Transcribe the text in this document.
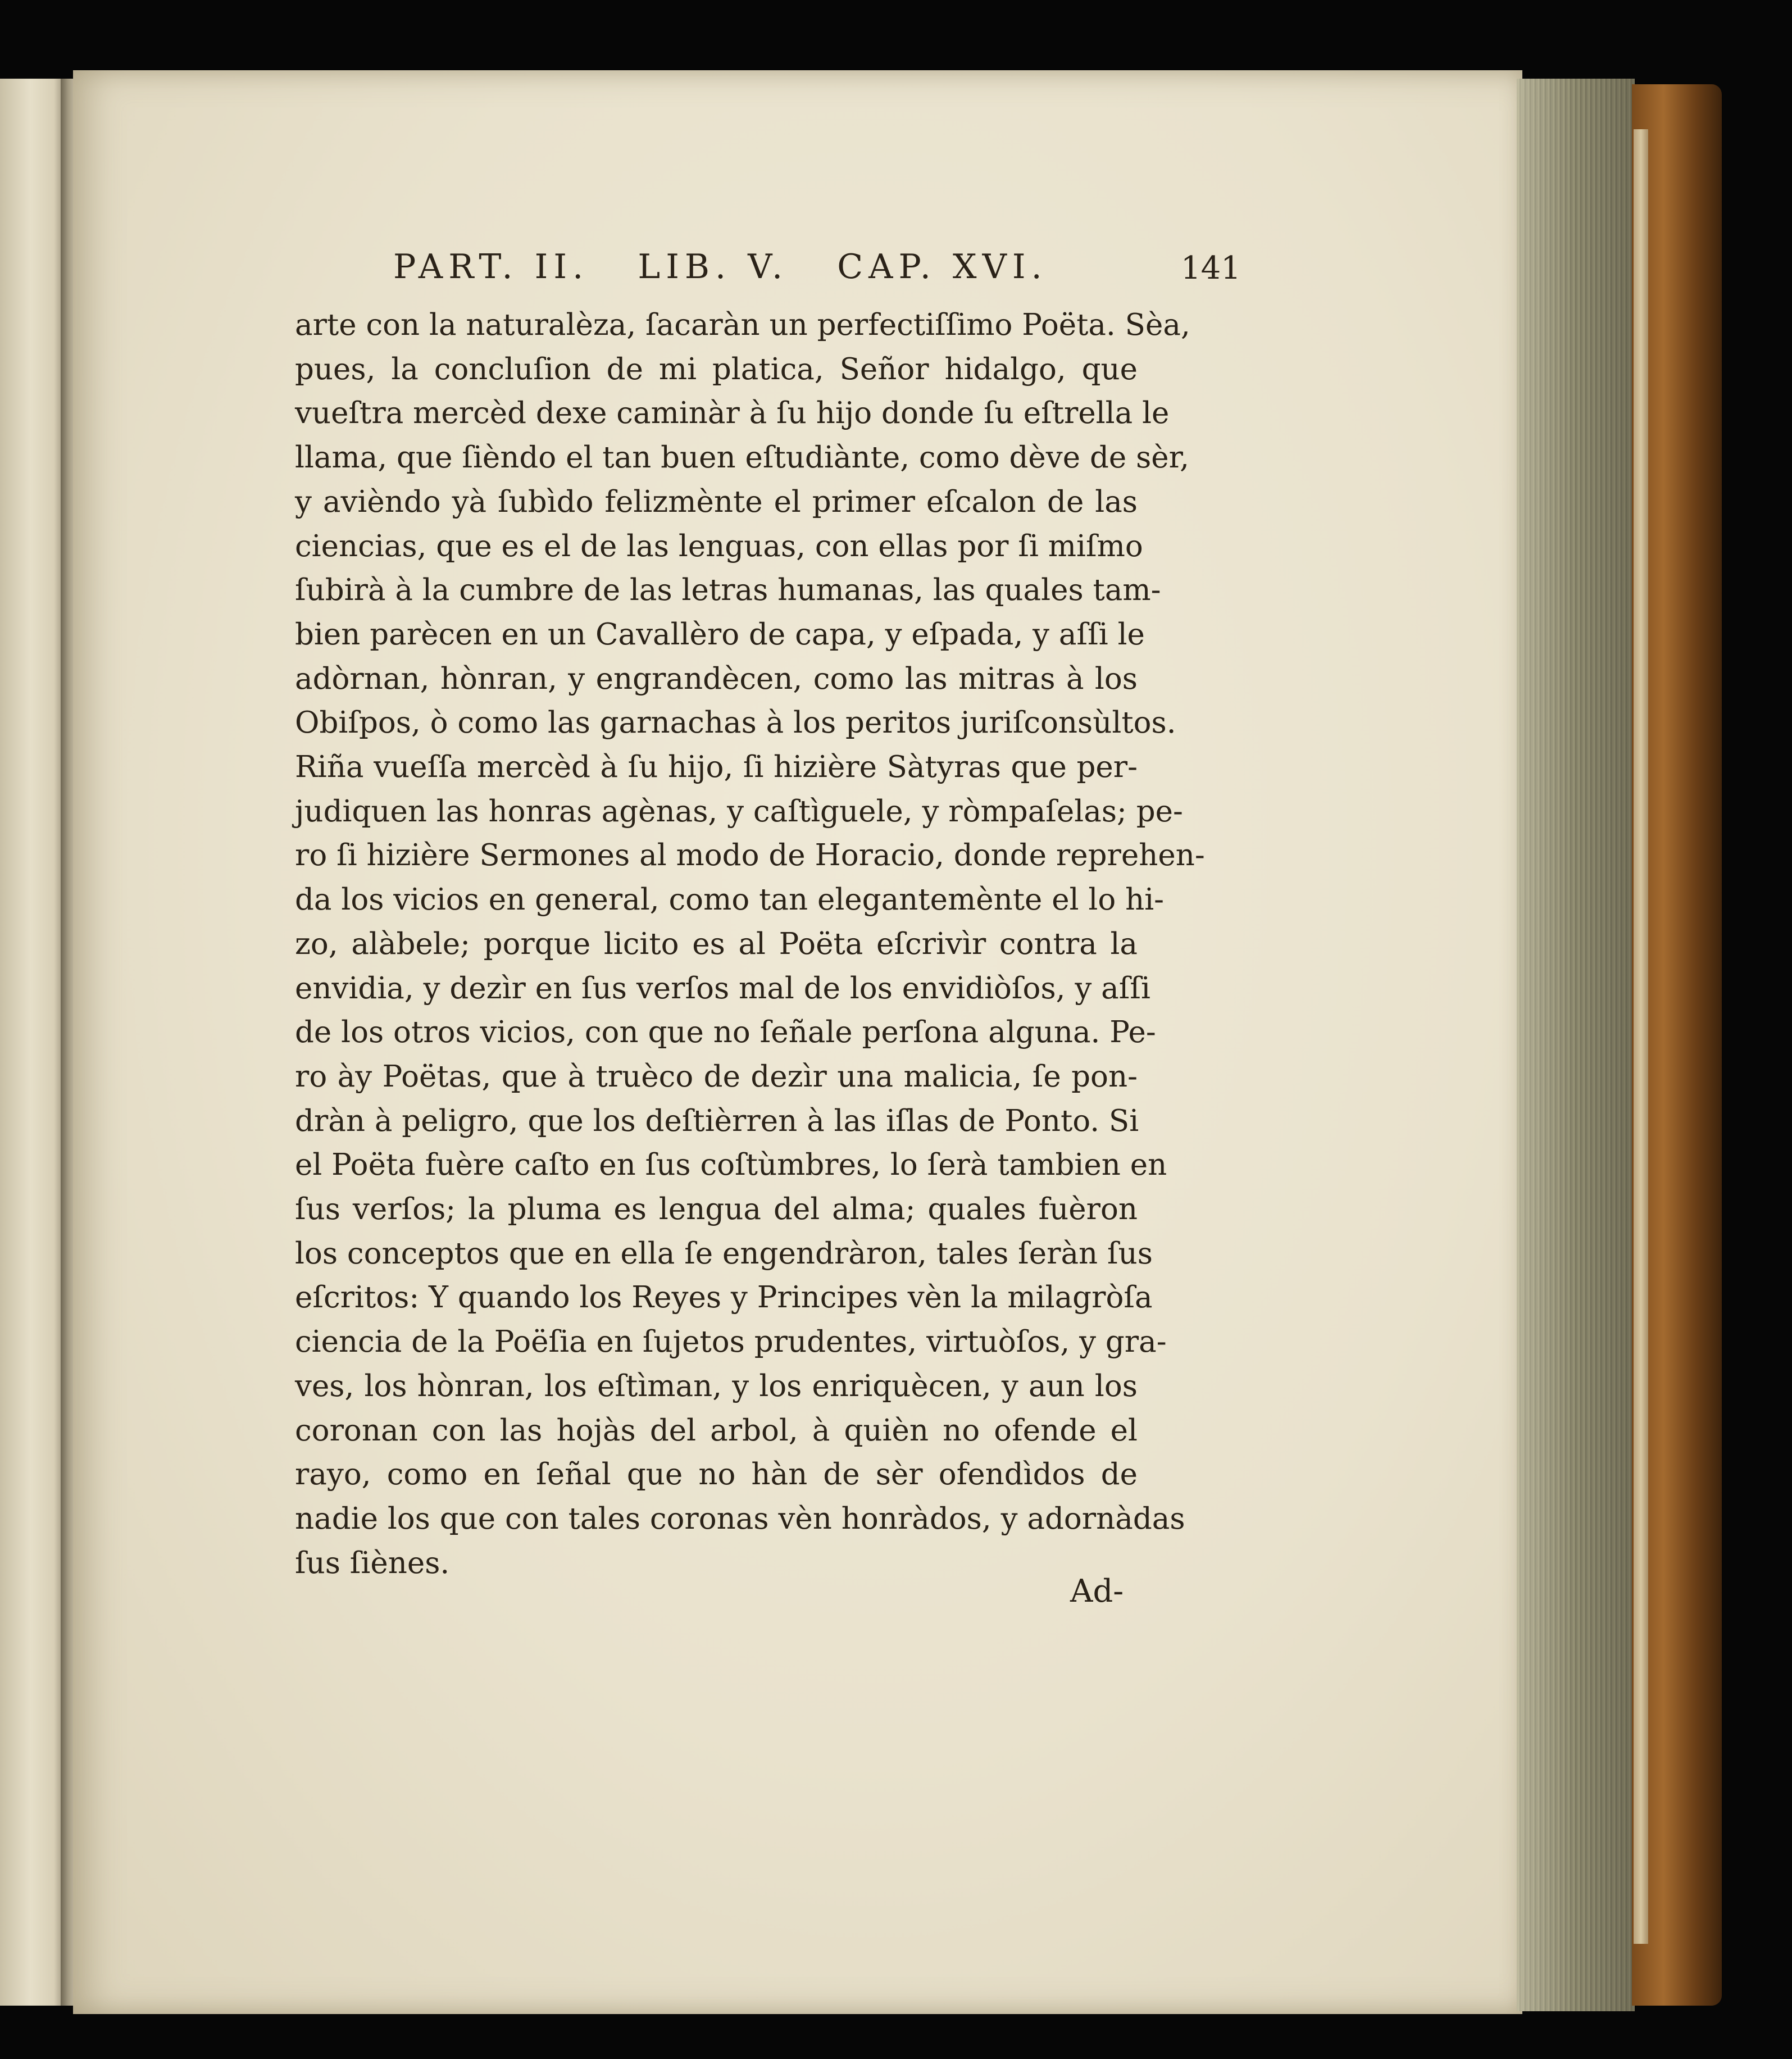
PART. II.   LIB. V.   CAP. XVI.	141
arte con la naturalèza, ſacaràn un perfectiſſimo Poëta. Sèa,
pues, la concluſion de mi platica, Señor hidalgo, que
vueſtra mercèd dexe caminàr à ſu hijo donde ſu eſtrella le
llama, que ſièndo el tan buen eſtudiànte, como dève de sèr,
y avièndo yà ſubìdo felizmènte el primer eſcalon de las
ciencias, que es el de las lenguas, con ellas por ſi miſmo
ſubirà à la cumbre de las letras humanas, las quales tam-
bien parècen en un Cavallèro de capa, y eſpada, y aſſi le
adòrnan, hònran, y engrandècen, como las mitras à los
Obiſpos, ò como las garnachas à los peritos juriſconsùltos.
Riña vueſſa mercèd à ſu hijo, ſi hizière Sàtyras que per-
judiquen las honras agènas, y caſtìguele, y ròmpaſelas; pe-
ro ſi hizière Sermones al modo de Horacio, donde reprehen-
da los vicios en general, como tan elegantemènte el lo hi-
zo, alàbele; porque licito es al Poëta eſcrivìr contra la
envidia, y dezìr en ſus verſos mal de los envidiòſos, y aſſi
de los otros vicios, con que no ſeñale perſona alguna. Pe-
ro ày Poëtas, que à truèco de dezìr una malicia, ſe pon-
dràn à peligro, que los deſtièrren à las iſlas de Ponto. Si
el Poëta fuère caſto en ſus coſtùmbres, lo ſerà tambien en
ſus verſos; la pluma es lengua del alma; quales fuèron
los conceptos que en ella ſe engendràron, tales ſeràn ſus
eſcritos: Y quando los Reyes y Principes vèn la milagròſa
ciencia de la Poëſia en ſujetos prudentes, virtuòſos, y gra-
ves, los hònran, los eſtìman, y los enriquècen, y aun los
coronan con las hojàs del arbol, à quièn no ofende el
rayo, como en ſeñal que no hàn de sèr ofendìdos de
nadie los que con tales coronas vèn honràdos, y adornàdas
ſus ſiènes.
Ad-
